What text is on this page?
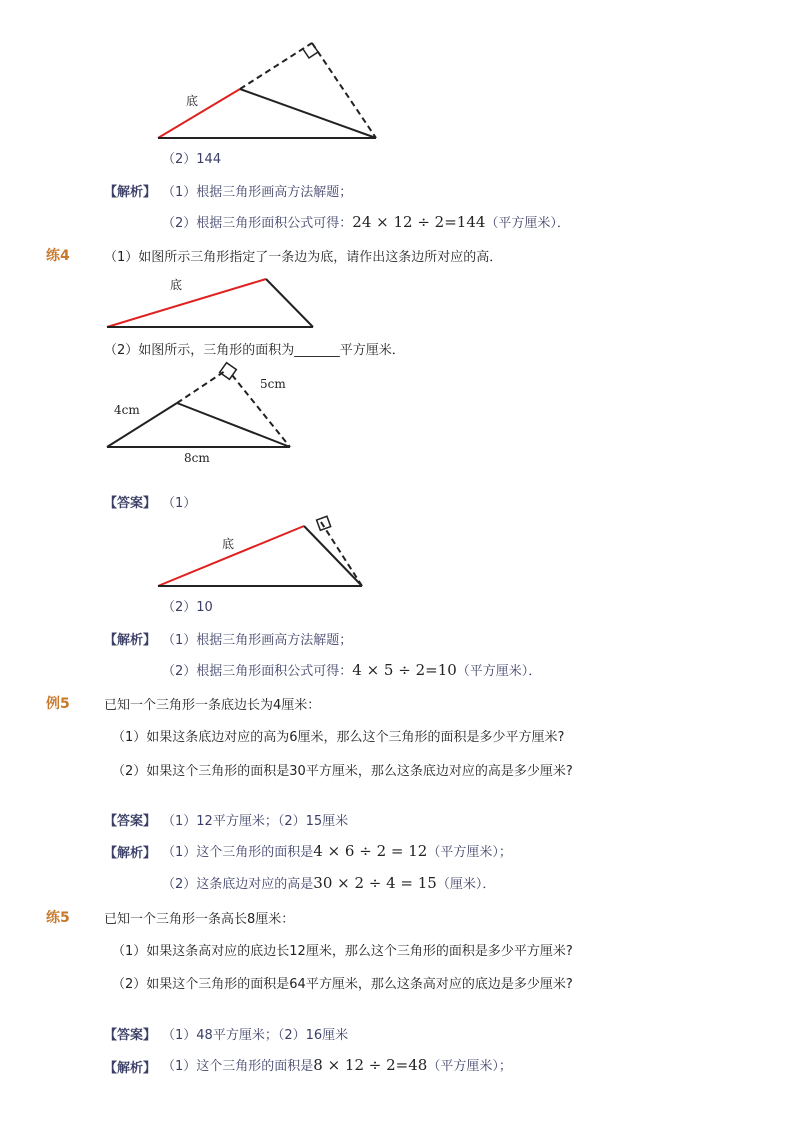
底
（2）144
【解析】 （1）根据三角形画高方法解题；
（2）根据三角形面积公式可得：24 × 12 ÷ 2=144（平方厘米）．
练4	（1）如图所示三角形指定了一条边为底，请作出这条边所对应的高．
底
（2）如图所示，三角形的面积为_______平方厘米．
4cm
5cm
8cm
【答案】 （1）
底
（2）10
【解析】 （1）根据三角形画高方法解题；
（2）根据三角形面积公式可得：4 × 5 ÷ 2=10（平方厘米）．
例5	已知一个三角形一条底边长为4厘米：
（1）如果这条底边对应的高为6厘米，那么这个三角形的面积是多少平方厘米?
（2）如果这个三角形的面积是30平方厘米，那么这条底边对应的高是多少厘米?
【答案】 （1）12平方厘米；（2）15厘米
【解析】 （1）这个三角形的面积是4 × 6 ÷ 2 = 12（平方厘米）；
（2）这条底边对应的高是30 × 2 ÷ 4 = 15（厘米）．
练5	已知一个三角形一条高长8厘米：
（1）如果这条高对应的底边长12厘米，那么这个三角形的面积是多少平方厘米?
（2）如果这个三角形的面积是64平方厘米，那么这条高对应的底边是多少厘米?
【答案】 （1）48平方厘米；（2）16厘米
【解析】 （1）这个三角形的面积是8 × 12 ÷ 2=48（平方厘米）；
